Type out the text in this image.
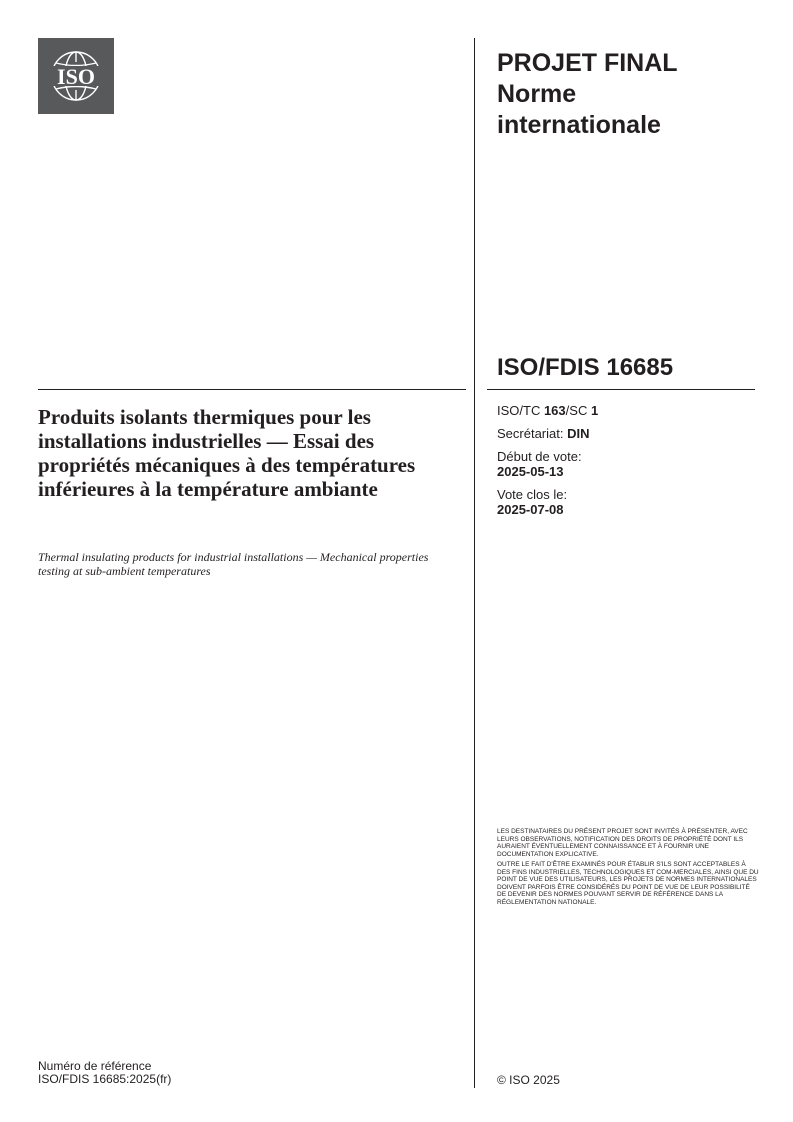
ISO	PROJET FINAL
Norme
internationale
ISO/FDIS 16685
ISO/TC 163/SC 1
Secrétariat: DIN
Début de vote:
2025-05-13
Vote clos le:
2025-07-08
Produits isolants thermiques pour les installations industrielles — Essai des propriétés mécaniques à des températures inférieures à la température ambiante
Thermal insulating products for industrial installations — Mechanical properties testing at sub-ambient temperatures

LES DESTINATAIRES DU PRÉSENT PROJET SONT INVITÉS À PRÉSENTER, AVEC LEURS OBSERVATIONS, NOTIFICATION DES DROITS DE PROPRIÉTÉ DONT ILS AURAIENT ÉVENTUELLEMENT CONNAISSANCE ET À FOURNIR UNE DOCUMENTATION EXPLICATIVE.

OUTRE LE FAIT D'ÊTRE EXAMINÉS POUR ÉTABLIR S'ILS SONT ACCEPTABLES À DES FINS INDUSTRIELLES, TECHNOLOGIQUES ET COM-MERCIALES, AINSI QUE DU POINT DE VUE DES UTILISATEURS, LES PROJETS DE NORMES INTERNATIONALES DOIVENT PARFOIS ÊTRE CONSIDÉRÉS DU POINT DE VUE DE LEUR POSSIBILITÉ DE DEVENIR DES NORMES POUVANT SERVIR DE RÉFÉRENCE DANS LA RÉGLEMENTATION NATIONALE.

Numéro de référence
ISO/FDIS 16685:2025(fr)	© ISO 2025
